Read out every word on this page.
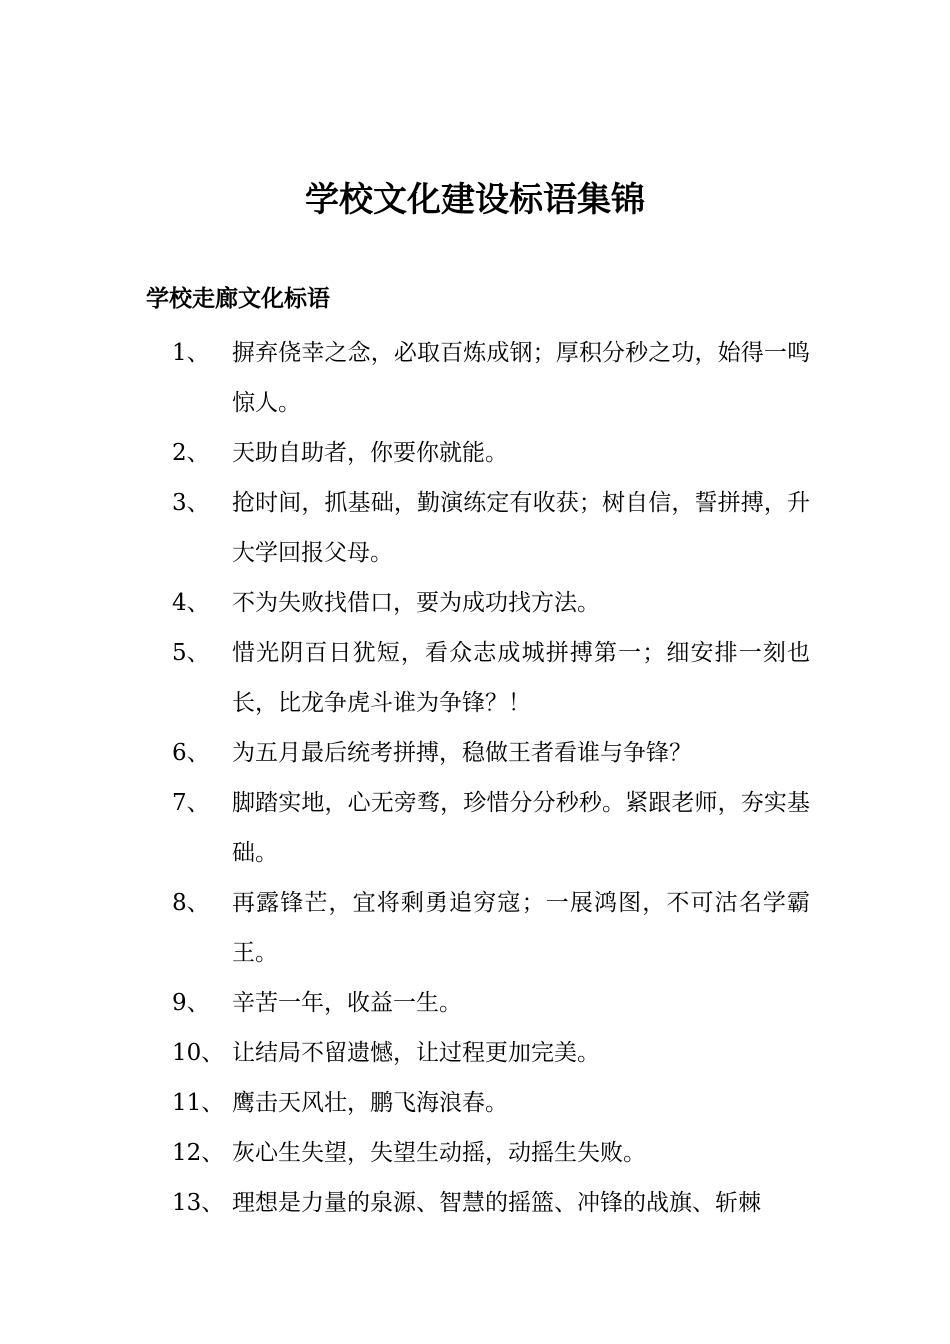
学校文化建设标语集锦
学校走廊文化标语
1、 摒弃侥幸之念，必取百炼成钢；厚积分秒之功，始得一鸣惊人。
2、 天助自助者，你要你就能。
3、 抢时间，抓基础，勤演练定有收获；树自信，誓拼搏，升大学回报父母。
4、 不为失败找借口，要为成功找方法。
5、 惜光阴百日犹短，看众志成城拼搏第一；细安排一刻也长，比龙争虎斗谁为争锋？！
6、 为五月最后统考拼搏，稳做王者看谁与争锋？
7、 脚踏实地，心无旁骛，珍惜分分秒秒。紧跟老师，夯实基础。
8、 再露锋芒，宜将剩勇追穷寇；一展鸿图，不可沽名学霸王。
9、 辛苦一年，收益一生。
10、 让结局不留遗憾，让过程更加完美。
11、 鹰击天风壮，鹏飞海浪春。
12、 灰心生失望，失望生动摇，动摇生失败。
13、 理想是力量的泉源、智慧的摇篮、冲锋的战旗、斩棘
